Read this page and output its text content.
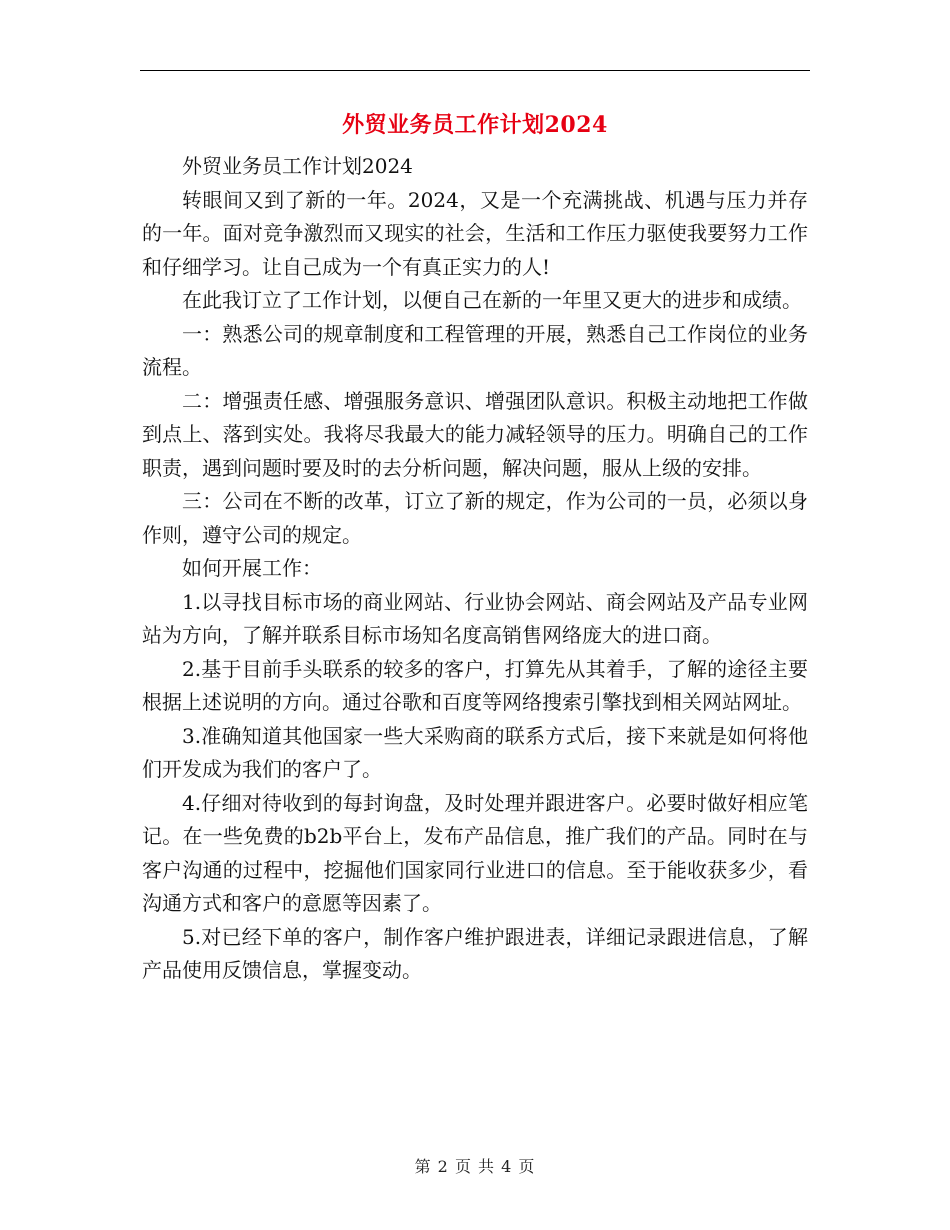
外贸业务员工作计划2024

外贸业务员工作计划2024

转眼间又到了新的一年。2024，又是一个充满挑战、机遇与压力并存的一年。面对竞争激烈而又现实的社会，生活和工作压力驱使我要努力工作和仔细学习。让自己成为一个有真正实力的人!

在此我订立了工作计划，以便自己在新的一年里又更大的进步和成绩。

一：熟悉公司的规章制度和工程管理的开展，熟悉自己工作岗位的业务流程。

二：增强责任感、增强服务意识、增强团队意识。积极主动地把工作做到点上、落到实处。我将尽我最大的能力减轻领导的压力。明确自己的工作职责，遇到问题时要及时的去分析问题，解决问题，服从上级的安排。

三：公司在不断的改革，订立了新的规定，作为公司的一员，必须以身作则，遵守公司的规定。

如何开展工作：

1.以寻找目标市场的商业网站、行业协会网站、商会网站及产品专业网站为方向，了解并联系目标市场知名度高销售网络庞大的进口商。

2.基于目前手头联系的较多的客户，打算先从其着手，了解的途径主要根据上述说明的方向。通过谷歌和百度等网络搜索引擎找到相关网站网址。

3.准确知道其他国家一些大采购商的联系方式后，接下来就是如何将他们开发成为我们的客户了。

4.仔细对待收到的每封询盘，及时处理并跟进客户。必要时做好相应笔记。在一些免费的b2b平台上，发布产品信息，推广我们的产品。同时在与客户沟通的过程中，挖掘他们国家同行业进口的信息。至于能收获多少，看沟通方式和客户的意愿等因素了。

5.对已经下单的客户，制作客户维护跟进表，详细记录跟进信息，了解产品使用反馈信息，掌握变动。

第 2 页 共 4 页
